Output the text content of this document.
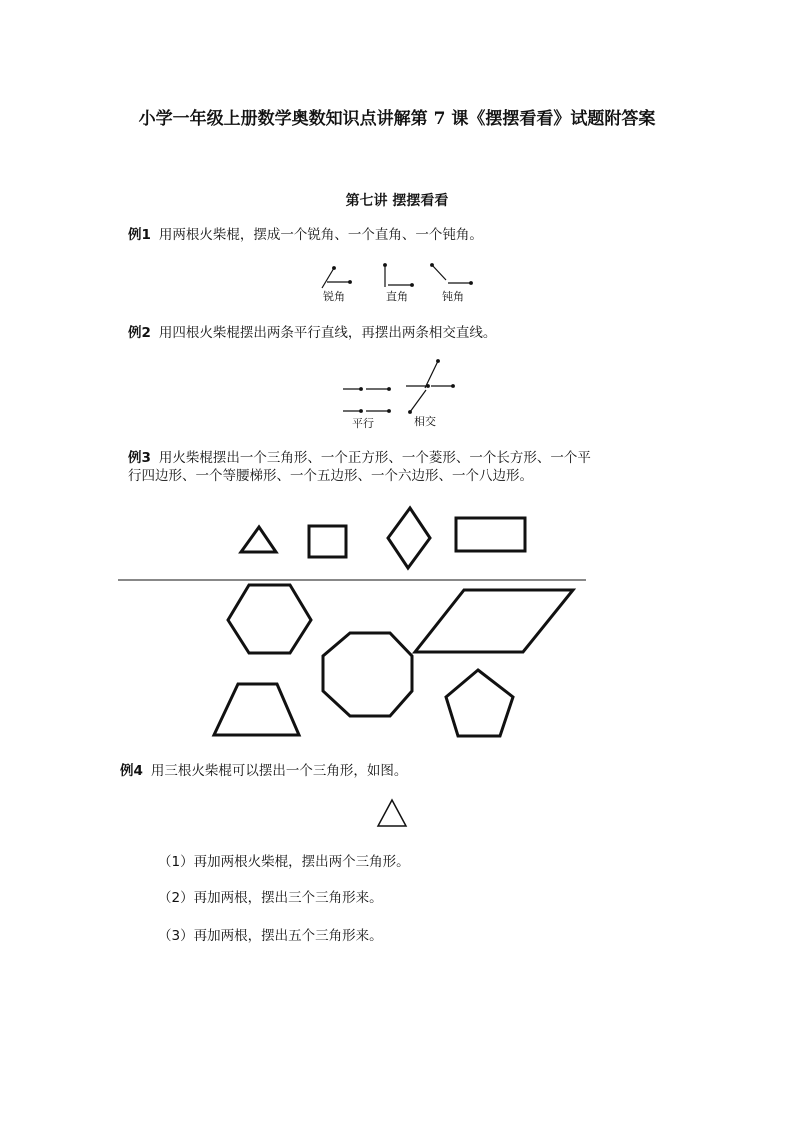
小学一年级上册数学奥数知识点讲解第 7 课《摆摆看看》试题附答案
第七讲 摆摆看看
例1 用两根火柴棍，摆成一个锐角、一个直角、一个钝角。
例2 用四根火柴棍摆出两条平行直线，再摆出两条相交直线。
例3 用火柴棍摆出一个三角形、一个正方形、一个菱形、一个长方形、一个平
行四边形、一个等腰梯形、一个五边形、一个六边形、一个八边形。
例4 用三根火柴棍可以摆出一个三角形，如图。
（1）再加两根火柴棍，摆出两个三角形。
（2）再加两根，摆出三个三角形来。
（3）再加两根，摆出五个三角形来。
锐角	直角	钝角
平行	相交
